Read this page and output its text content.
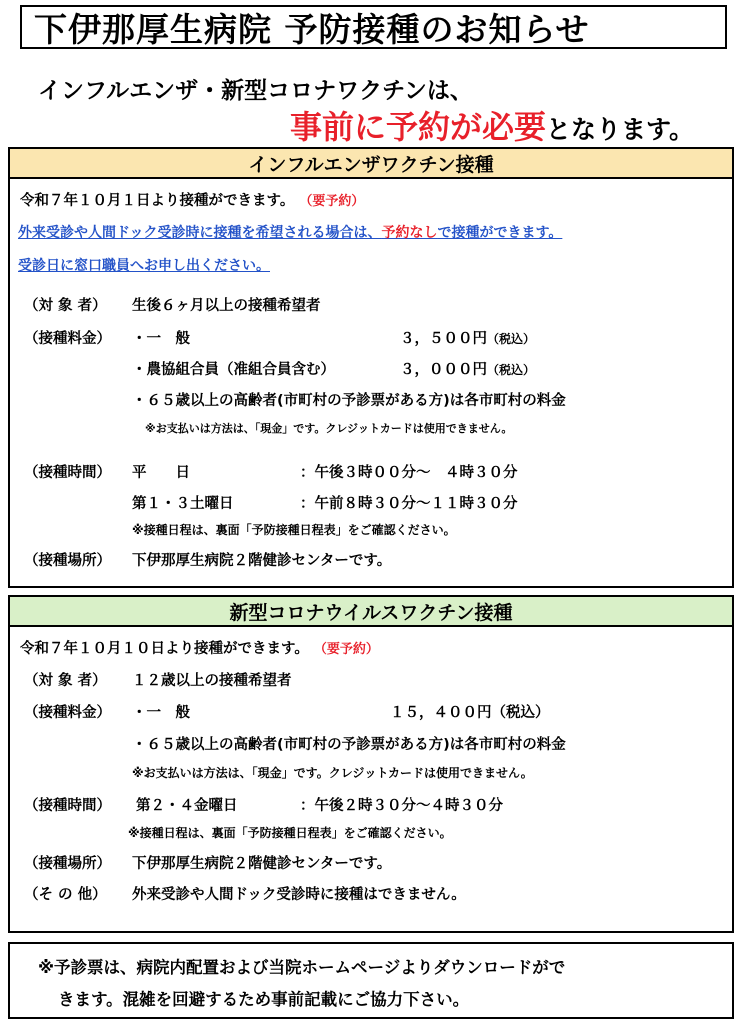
下伊那厚生病院 予防接種のお知らせ
インフルエンザ・新型コロナワクチンは、
事前に予約が必要となります。
インフルエンザワクチン接種
令和７年１０月１日より接種ができます。 （要予約）
外来受診や人間ドック受診時に接種を希望される場合は、予約なしで接種ができます。
受診日に窓口職員へお申し出ください。
（対 象 者） 生後６ヶ月以上の接種希望者
（接種料金） ・一　般	３，５００円（税込）
・農協組合員（准組合員含む）	３，０００円（税込）
・６５歳以上の高齢者(市町村の予診票がある方)は各市町村の料金
※お支払いは方法は、「現金」です。クレジットカードは使用できません。
（接種時間） 平　　日	：午後３時００分～　４時３０分
第１・３土曜日	：午前８時３０分～１１時３０分
※接種日程は、裏面「予防接種日程表」をご確認ください。
（接種場所） 下伊那厚生病院２階健診センターです。
新型コロナウイルスワクチン接種
令和７年１０月１０日より接種ができます。 （要予約）
（対 象 者） １２歳以上の接種希望者
（接種料金） ・一　般	１５，４００円（税込）
・６５歳以上の高齢者(市町村の予診票がある方)は各市町村の料金
※お支払いは方法は、「現金」です。クレジットカードは使用できません。
（接種時間） 第２・４金曜日	：午後２時３０分～４時３０分
※接種日程は、裏面「予防接種日程表」をご確認ください。
（接種場所） 下伊那厚生病院２階健診センターです。
（そ の 他） 外来受診や人間ドック受診時に接種はできません。
※予診票は、病院内配置および当院ホームページよりダウンロードがで
きます。混雑を回避するため事前記載にご協力下さい。
